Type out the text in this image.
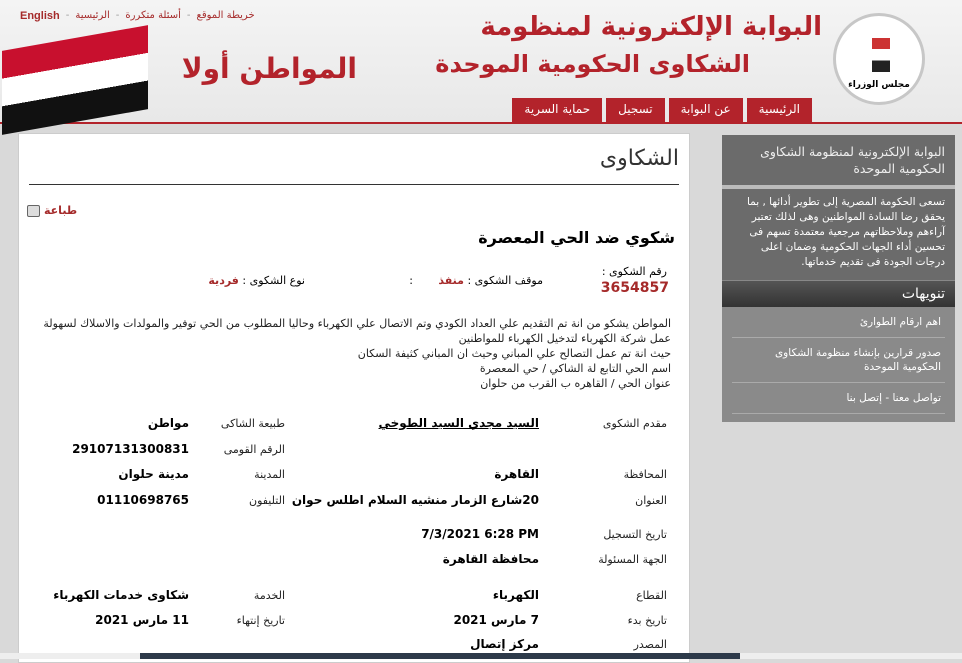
English - الرئيسية - أسئلة متكررة - خريطة الموقع	البوابة الإلكترونية لمنظومة
الشكاوى الحكومية الموحدة
المواطن أولا	مجلس الوزراء
الرئيسية
عن البوابة
تسجيل
حماية السرية
الشكاوى
طباعة
شكوي ضد الحي المعصرة
رقم الشكوى :
3654857
موقف الشكوى : منفذ
:
نوع الشكوى : فردية
المواطن يشكو من انة تم التقديم علي العداد الكودي وتم الاتصال علي الكهرباء وحاليا المطلوب من الحي توفير والمولدات والاسلاك لسهولة عمل شركة الكهرباء لتدخيل الكهرباء للمواطنين
حيث انة تم عمل التصالح علي المباني وحيث ان المباني كثيفة السكان
اسم الحي التابع لة الشاكي / حي المعصرة
عنوان الحي / القاهره ب القرب من حلوان
مقدم الشكوى
السيد مجدي السيد الطوخي
طبيعة الشاكى
مواطن
الرقم القومى
29107131300831
المحافظة
القاهرة
المدينة
مدينة حلوان
العنوان
20شارع الزمار منشيه السلام اطلس حوان
التليفون
01110698765
تاريخ التسجيل
7/3/2021 6:28 PM
الجهة المسئولة
محافظة القاهرة
القطاع
الكهرباء
الخدمة
شكاوى خدمات الكهرباء
تاريخ بدء
7 مارس 2021
تاريخ إنتهاء
11 مارس 2021
المصدر
مركز إتصال
البوابة الإلكترونية لمنظومة الشكاوى الحكومية الموحدة
تسعى الحكومة المصرية إلى تطوير أدائها , بما يحقق رضا السادة المواطنين وهى لذلك تعتبر آراءهم وملاحظاتهم مرجعية معتمدة تسهم فى تحسين أداء الجهات الحكومية وضمان اعلى درجات الجودة فى تقديم خدماتها.
تنويهات
اهم ارقام الطوارئ
صدور قرارين بإنشاء منظومة الشكاوى الحكومية الموحدة
تواصل معنا - إتصل بنا
